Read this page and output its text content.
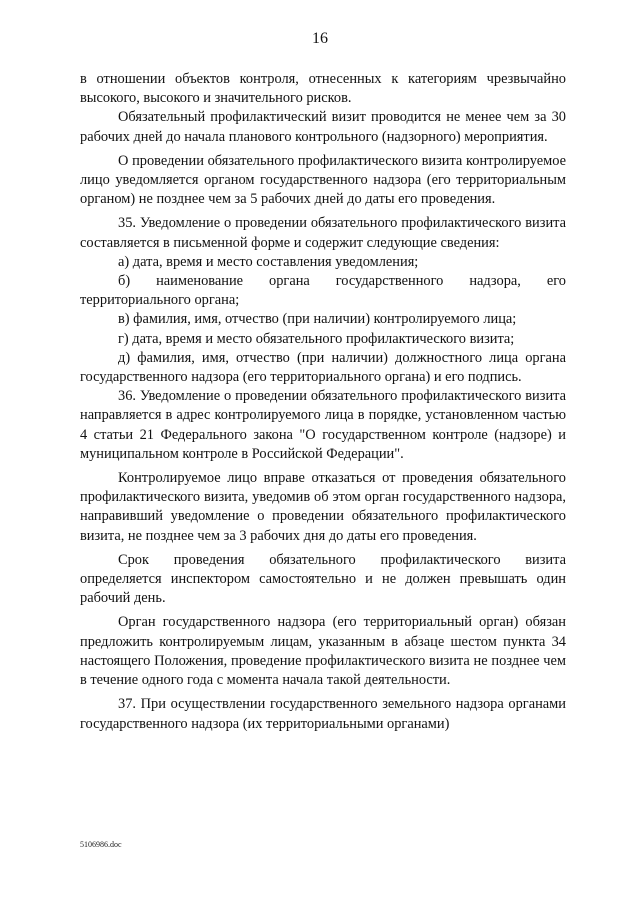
16

в отношении объектов контроля, отнесенных к категориям чрезвычайно высокого, высокого и значительного рисков.

Обязательный профилактический визит проводится не менее чем за 30 рабочих дней до начала планового контрольного (надзорного) мероприятия.

О проведении обязательного профилактического визита контролируемое лицо уведомляется органом государственного надзора (его территориальным органом) не позднее чем за 5 рабочих дней до даты его проведения.

35. Уведомление о проведении обязательного профилактического визита составляется в письменной форме и содержит следующие сведения:

а) дата, время и место составления уведомления;

б) наименование органа государственного надзора, его территориального органа;

в) фамилия, имя, отчество (при наличии) контролируемого лица;

г) дата, время и место обязательного профилактического визита;

д) фамилия, имя, отчество (при наличии) должностного лица органа государственного надзора (его территориального органа) и его подпись.

36. Уведомление о проведении обязательного профилактического визита направляется в адрес контролируемого лица в порядке, установленном частью 4 статьи 21 Федерального закона "О государственном контроле (надзоре) и муниципальном контроле в Российской Федерации".

Контролируемое лицо вправе отказаться от проведения обязательного профилактического визита, уведомив об этом орган государственного надзора, направивший уведомление о проведении обязательного профилактического визита, не позднее чем за 3 рабочих дня до даты его проведения.

Срок проведения обязательного профилактического визита определяется инспектором самостоятельно и не должен превышать один рабочий день.

Орган государственного надзора (его территориальный орган) обязан предложить контролируемым лицам, указанным в абзаце шестом пункта 34 настоящего Положения, проведение профилактического визита не позднее чем в течение одного года с момента начала такой деятельности.

37. При осуществлении государственного земельного надзора органами государственного надзора (их территориальными органами)

5106986.doc
